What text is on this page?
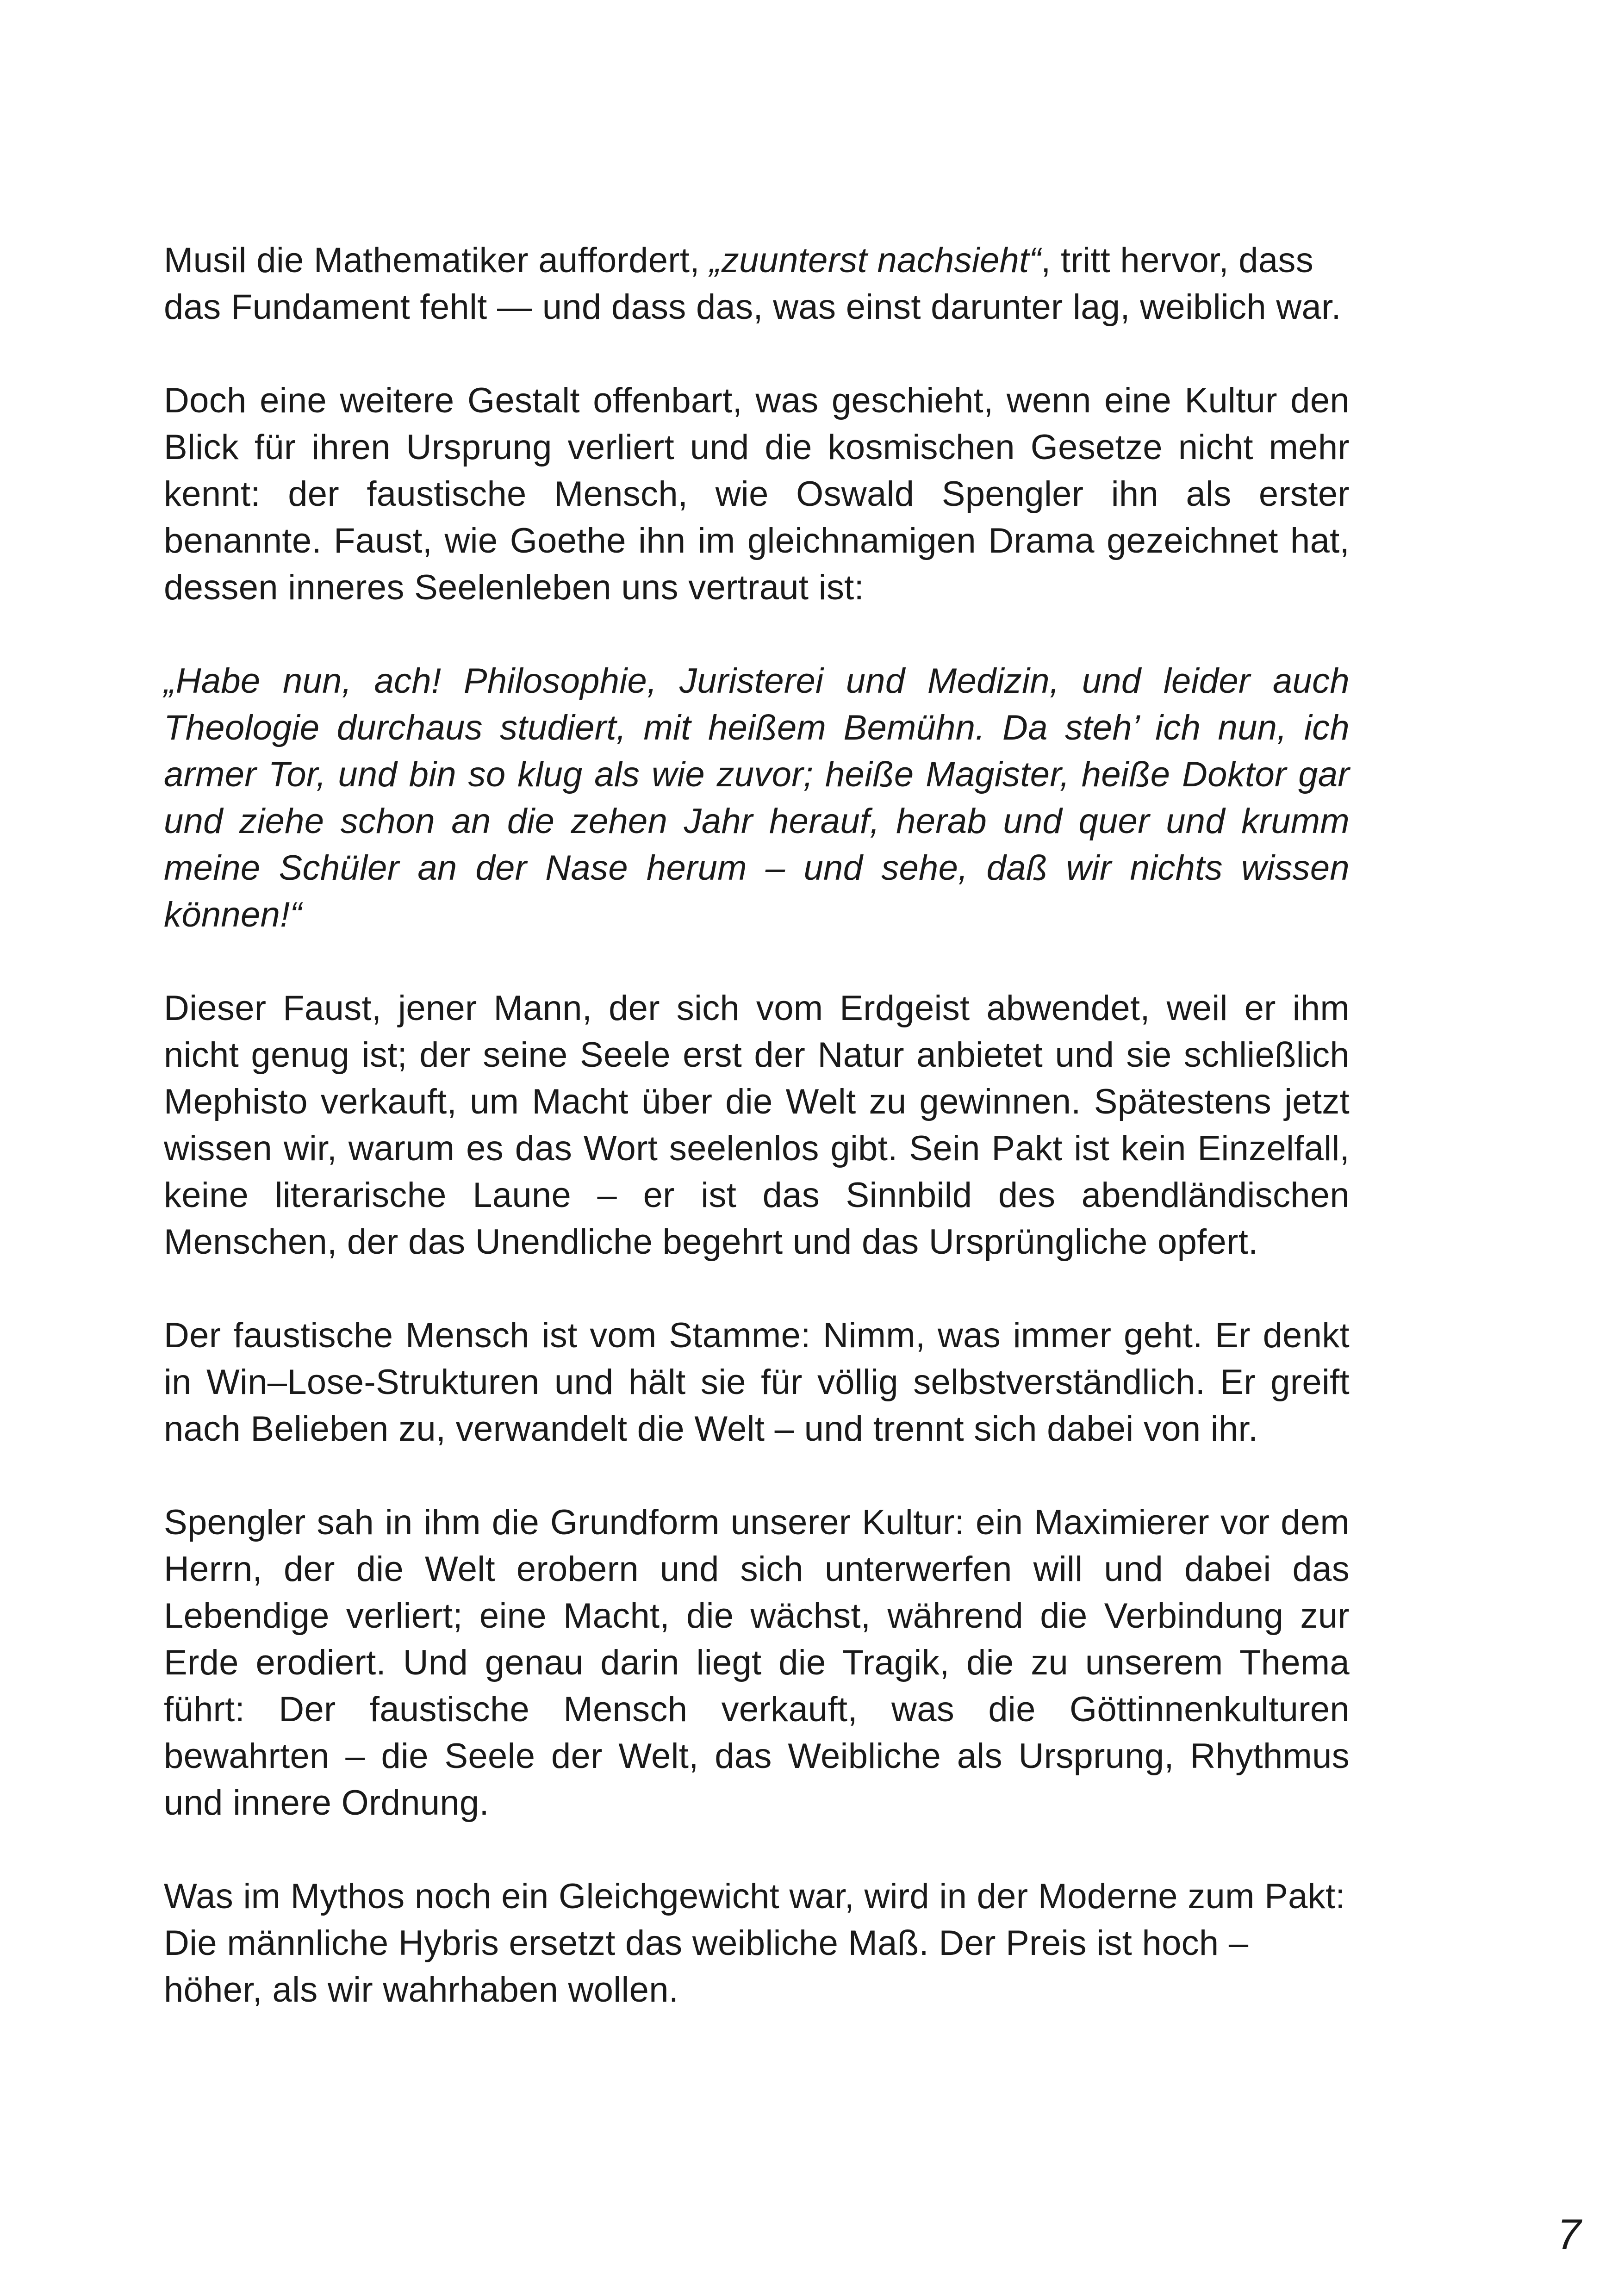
Musil die Mathematiker auffordert, „zuunterst nachsieht“, tritt hervor, dass das Fundament fehlt — und dass das, was einst darunter lag, weiblich war.

Doch eine weitere Gestalt offenbart, was geschieht, wenn eine Kultur den Blick für ihren Ursprung verliert und die kosmischen Gesetze nicht mehr kennt: der faustische Mensch, wie Oswald Spengler ihn als erster benannte. Faust, wie Goethe ihn im gleichnamigen Drama gezeichnet hat, dessen inneres Seelenleben uns vertraut ist:

„Habe nun, ach! Philosophie, Juristerei und Medizin, und leider auch Theologie durchaus studiert, mit heißem Bemühn. Da steh’ ich nun, ich armer Tor, und bin so klug als wie zuvor; heiße Magister, heiße Doktor gar und ziehe schon an die zehen Jahr herauf, herab und quer und krumm meine Schüler an der Nase herum – und sehe, daß wir nichts wissen können!“

Dieser Faust, jener Mann, der sich vom Erdgeist abwendet, weil er ihm nicht genug ist; der seine Seele erst der Natur anbietet und sie schließlich Mephisto verkauft, um Macht über die Welt zu gewinnen. Spätestens jetzt wissen wir, warum es das Wort seelenlos gibt. Sein Pakt ist kein Einzelfall, keine literarische Laune – er ist das Sinnbild des abendländischen Menschen, der das Unendliche begehrt und das Ursprüngliche opfert.

Der faustische Mensch ist vom Stamme: Nimm, was immer geht. Er denkt in Win–Lose-Strukturen und hält sie für völlig selbstverständlich. Er greift nach Belieben zu, verwandelt die Welt – und trennt sich dabei von ihr.

Spengler sah in ihm die Grundform unserer Kultur: ein Maximierer vor dem Herrn, der die Welt erobern und sich unterwerfen will und dabei das Lebendige verliert; eine Macht, die wächst, während die Verbindung zur Erde erodiert. Und genau darin liegt die Tragik, die zu unserem Thema führt: Der faustische Mensch verkauft, was die Göttinnenkulturen bewahrten – die Seele der Welt, das Weibliche als Ursprung, Rhythmus und innere Ordnung.

Was im Mythos noch ein Gleichgewicht war, wird in der Moderne zum Pakt: Die männliche Hybris ersetzt das weibliche Maß. Der Preis ist hoch – höher, als wir wahrhaben wollen.

7
